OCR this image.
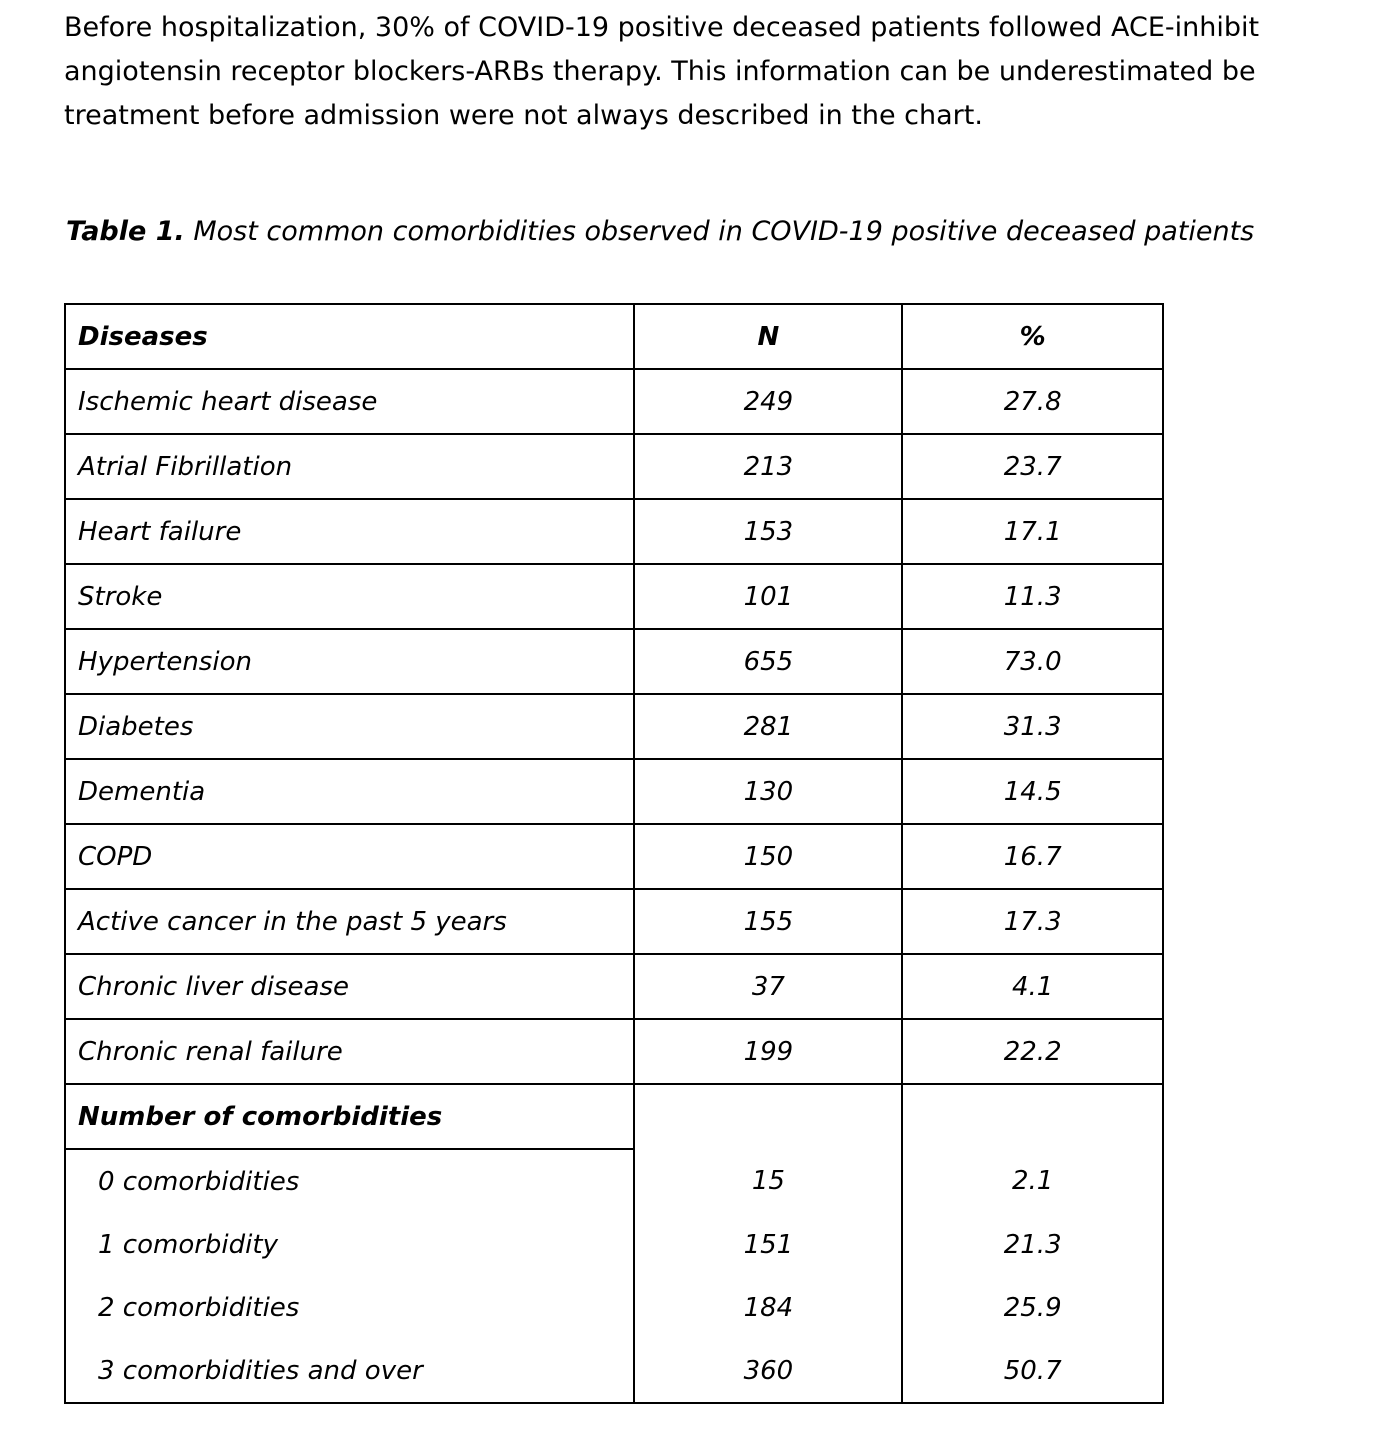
Before hospitalization, 30% of COVID-19 positive deceased patients followed ACE-inhibit

angiotensin receptor blockers-ARBs therapy. This information can be underestimated be

treatment before admission were not always described in the chart.

Table 1. Most common comorbidities observed in COVID-19 positive deceased patients
Diseases	N	%
Ischemic heart disease	249	27.8
Atrial Fibrillation	213	23.7
Heart failure	153	17.1
Stroke	101	11.3
Hypertension	655	73.0
Diabetes	281	31.3
Dementia	130	14.5
COPD	150	16.7
Active cancer in the past 5 years	155	17.3
Chronic liver disease	37	4.1
Chronic renal failure	199	22.2
Number of comorbidities		
0 comorbidities	15	2.1
1 comorbidity	151	21.3
2 comorbidities	184	25.9
3 comorbidities and over	360	50.7
